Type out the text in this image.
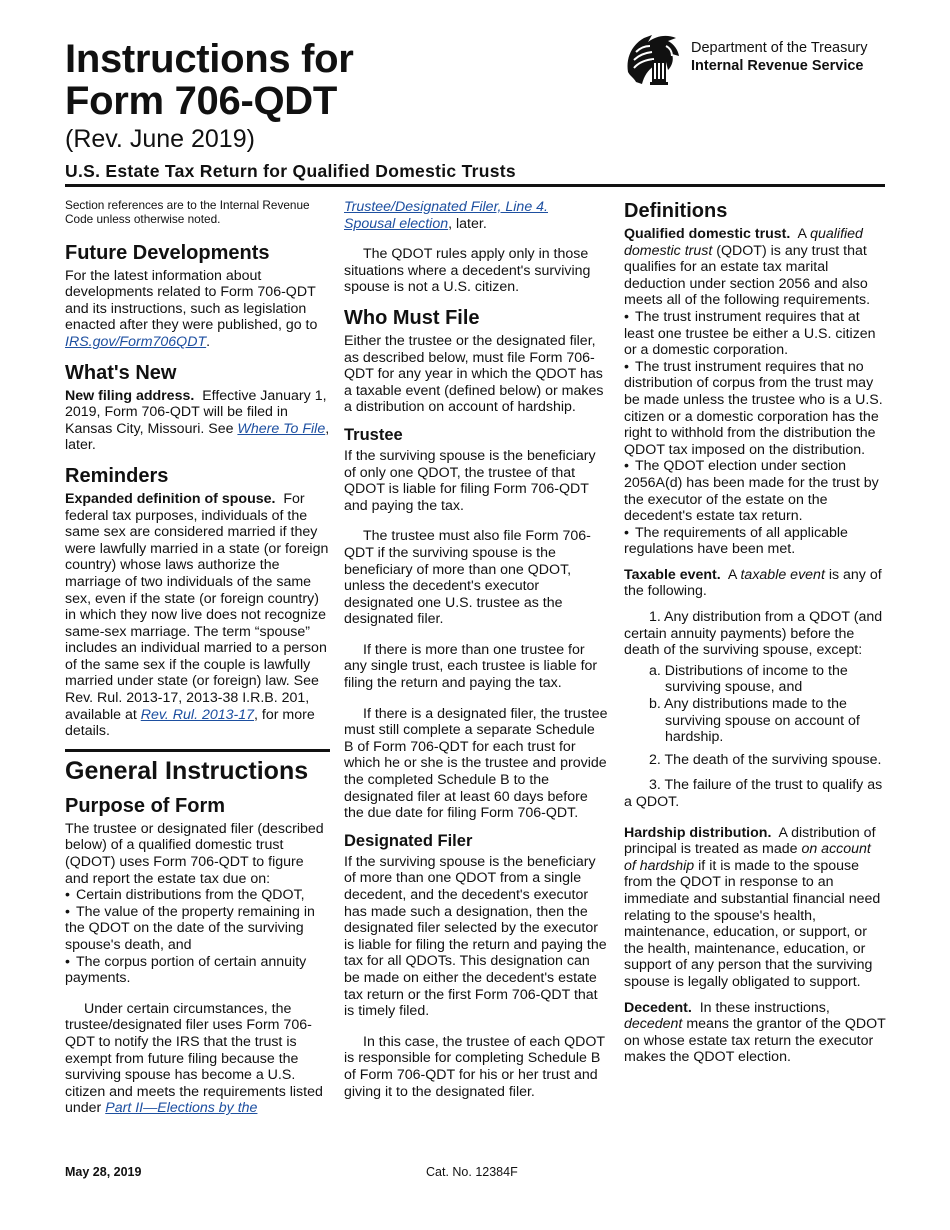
Instructions for
Form 706-QDT
(Rev. June 2019)
U.S. Estate Tax Return for Qualified Domestic Trusts
Department of the Treasury
Internal Revenue Service

Section references are to the Internal Revenue Code unless otherwise noted.

Future Developments

For the latest information about developments related to Form 706-QDT and its instructions, such as legislation enacted after they were published, go to IRS.gov/Form706QDT.

What's New

New filing address. Effective January 1, 2019, Form 706-QDT will be filed in Kansas City, Missouri. See Where To File, later.

Reminders

Expanded definition of spouse. For federal tax purposes, individuals of the same sex are considered married if they were lawfully married in a state (or foreign country) whose laws authorize the marriage of two individuals of the same sex, even if the state (or foreign country) in which they now live does not recognize same-sex marriage. The term “spouse” includes an individual married to a person of the same sex if the couple is lawfully married under state (or foreign) law. See Rev. Rul. 2013-17, 2013-38 I.R.B. 201, available at Rev. Rul. 2013-17, for more details.

General Instructions
Purpose of Form

The trustee or designated filer (described below) of a qualified domestic trust (QDOT) uses Form 706-QDT to figure and report the estate tax due on:

• Certain distributions from the QDOT,
• The value of the property remaining in the QDOT on the date of the surviving spouse's death, and
• The corpus portion of certain annuity payments.

Under certain circumstances, the trustee/designated filer uses Form 706-QDT to notify the IRS that the trust is exempt from future filing because the surviving spouse has become a U.S. citizen and meets the requirements listed under Part II—Elections by the

Trustee/Designated Filer, Line 4.
Spousal election, later.

The QDOT rules apply only in those situations where a decedent's surviving spouse is not a U.S. citizen.

Who Must File

Either the trustee or the designated filer, as described below, must file Form 706-QDT for any year in which the QDOT has a taxable event (defined below) or makes a distribution on account of hardship.

Trustee

If the surviving spouse is the beneficiary of only one QDOT, the trustee of that QDOT is liable for filing Form 706-QDT and paying the tax.

The trustee must also file Form 706-QDT if the surviving spouse is the beneficiary of more than one QDOT, unless the decedent's executor designated one U.S. trustee as the designated filer.

If there is more than one trustee for any single trust, each trustee is liable for filing the return and paying the tax.

If there is a designated filer, the trustee must still complete a separate Schedule B of Form 706-QDT for each trust for which he or she is the trustee and provide the completed Schedule B to the designated filer at least 60 days before the due date for filing Form 706-QDT.

Designated Filer

If the surviving spouse is the beneficiary of more than one QDOT from a single decedent, and the decedent's executor has made such a designation, then the designated filer selected by the executor is liable for filing the return and paying the tax for all QDOTs. This designation can be made on either the decedent's estate tax return or the first Form 706-QDT that is timely filed.

In this case, the trustee of each QDOT is responsible for completing Schedule B of Form 706-QDT for his or her trust and giving it to the designated filer.

Definitions

Qualified domestic trust. A qualified domestic trust (QDOT) is any trust that qualifies for an estate tax marital deduction under section 2056 and also meets all of the following requirements.

• The trust instrument requires that at least one trustee be either a U.S. citizen or a domestic corporation.
• The trust instrument requires that no distribution of corpus from the trust may be made unless the trustee who is a U.S. citizen or a domestic corporation has the right to withhold from the distribution the QDOT tax imposed on the distribution.
• The QDOT election under section 2056A(d) has been made for the trust by the executor of the estate on the decedent's estate tax return.
• The requirements of all applicable regulations have been met.

Taxable event. A taxable event is any of the following.

1. Any distribution from a QDOT (and certain annuity payments) before the death of the surviving spouse, except:

a. Distributions of income to the surviving spouse, and
b. Any distributions made to the surviving spouse on account of hardship.

2. The death of the surviving spouse.

3. The failure of the trust to qualify as a QDOT.

Hardship distribution. A distribution of principal is treated as made on account of hardship if it is made to the spouse from the QDOT in response to an immediate and substantial financial need relating to the spouse's health, maintenance, education, or support, or the health, maintenance, education, or support of any person that the surviving spouse is legally obligated to support.

Decedent. In these instructions, decedent means the grantor of the QDOT on whose estate tax return the executor makes the QDOT election.

May 28, 2019	Cat. No. 12384F
